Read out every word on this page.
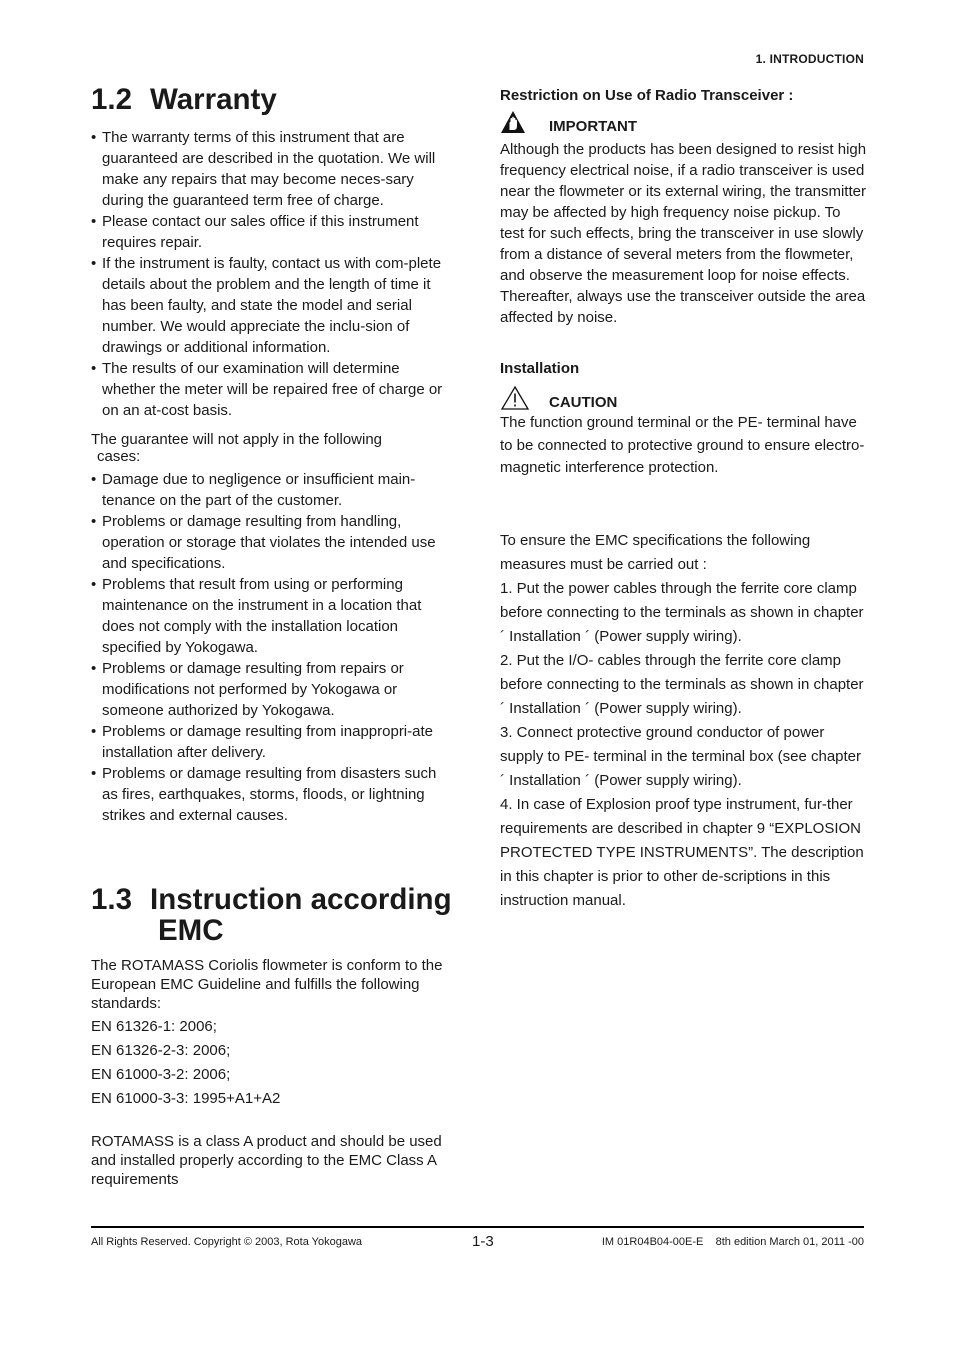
1. INTRODUCTION
1.2 Warranty
• The warranty terms of this instrument that are guaranteed are described in the quotation. We will make any repairs that may become neces-sary during the guaranteed term free of charge.
• Please contact our sales office if this instrument requires repair.
• If the instrument is faulty, contact us with com-plete details about the problem and the length of time it has been faulty, and state the model and serial number. We would appreciate the inclu-sion of drawings or additional information.
• The results of our examination will determine whether the meter will be repaired free of charge or on an at-cost basis.

The guarantee will not apply in the following
cases:

• Damage due to negligence or insufficient main-tenance on the part of the customer.
• Problems or damage resulting from handling, operation or storage that violates the intended use and specifications.
• Problems that result from using or performing maintenance on the instrument in a location that does not comply with the installation location specified by Yokogawa.
• Problems or damage resulting from repairs or modifications not performed by Yokogawa or someone authorized by Yokogawa.
• Problems or damage resulting from inappropri-ate installation after delivery.
• Problems or damage resulting from disasters such as fires, earthquakes, storms, floods, or lightning strikes and external causes.
1.3 Instruction according
EMC

The ROTAMASS Coriolis flowmeter is conform to the European EMC Guideline and fulfills the following standards:

EN 61326-1: 2006;

EN 61326-2-3: 2006;

EN 61000-3-2: 2006;

EN 61000-3-3: 1995+A1+A2

ROTAMASS is a class A product and should be used and installed properly according to the EMC Class A requirements

Restriction on Use of Radio Transceiver :

IMPORTANT

Although the products has been designed to resist high frequency electrical noise, if a radio transceiver is used near the flowmeter or its external wiring, the transmitter may be affected by high frequency noise pickup. To test for such effects, bring the transceiver in use slowly from a distance of several meters from the flowmeter, and observe the measurement loop for noise effects. Thereafter, always use the transceiver outside the area affected by noise.

Installation

CAUTION

The function ground terminal or the PE- terminal have to be connected to protective ground to ensure electro-magnetic interference protection.

To ensure the EMC specifications the following measures must be carried out :

1. Put the power cables through the ferrite core clamp before connecting to the terminals as shown in chapter ´ Installation ´ (Power supply wiring).

2. Put the I/O- cables through the ferrite core clamp before connecting to the terminals as shown in chapter ´ Installation ´ (Power supply wiring).

3. Connect protective ground conductor of power supply to PE- terminal in the terminal box (see chapter ´ Installation ´ (Power supply wiring).

4. In case of Explosion proof type instrument, fur-ther requirements are described in chapter 9 “EXPLOSION PROTECTED TYPE INSTRUMENTS”. The description in this chapter is prior to other de-scriptions in this instruction manual.

All Rights Reserved. Copyright © 2003, Rota Yokogawa	1-3	IM 01R04B04-00E-E    8th edition March 01, 2011 -00
